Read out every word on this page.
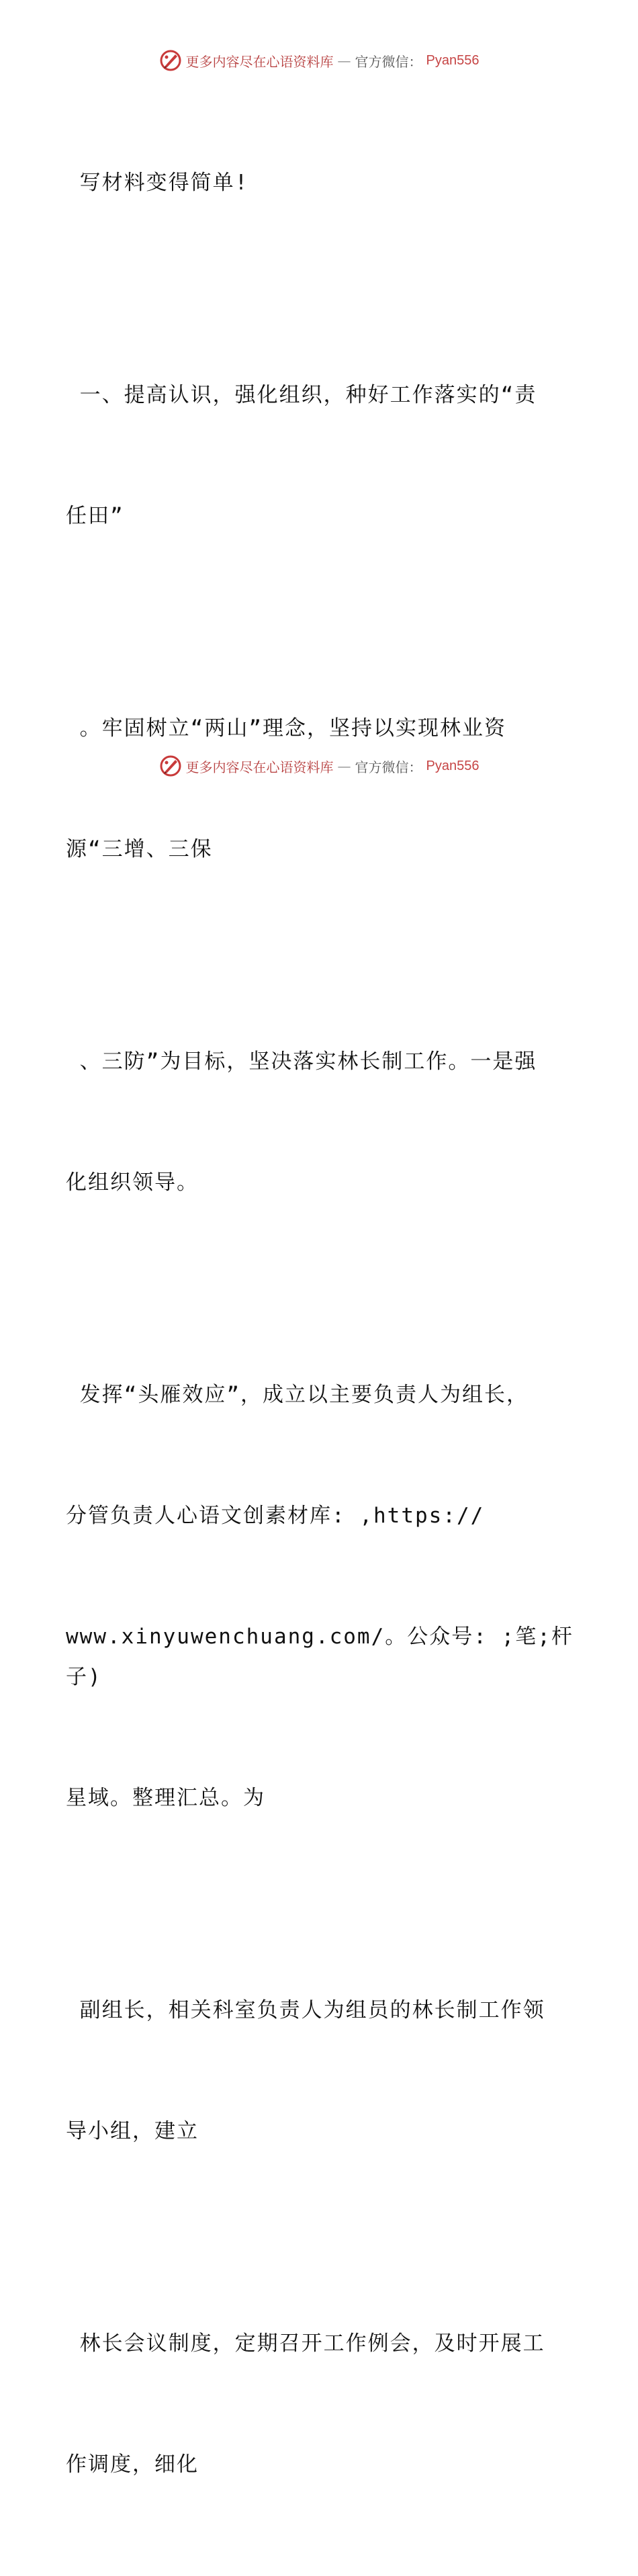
更多内容尽在心语资料库 — 官方微信： Pyan556

写材料变得简单!

一、提高认识，强化组织，种好工作落实的“责

任田”

。牢固树立“两山”理念，坚持以实现林业资

源“三增、三保

、三防”为目标，坚决落实林长制工作。一是强

化组织领导。

发挥“头雁效应”，成立以主要负责人为组长，

分管负责人心语文创素材库: ,https://

www.xinyuwenchuang.com/。公众号: ;笔;杆子)

星域。整理汇总。为

副组长，相关科室负责人为组员的林长制工作领

导小组，建立

林长会议制度，定期召开工作例会，及时开展工

作调度，细化

更多内容尽在心语资料库 — 官方微信： Pyan556
